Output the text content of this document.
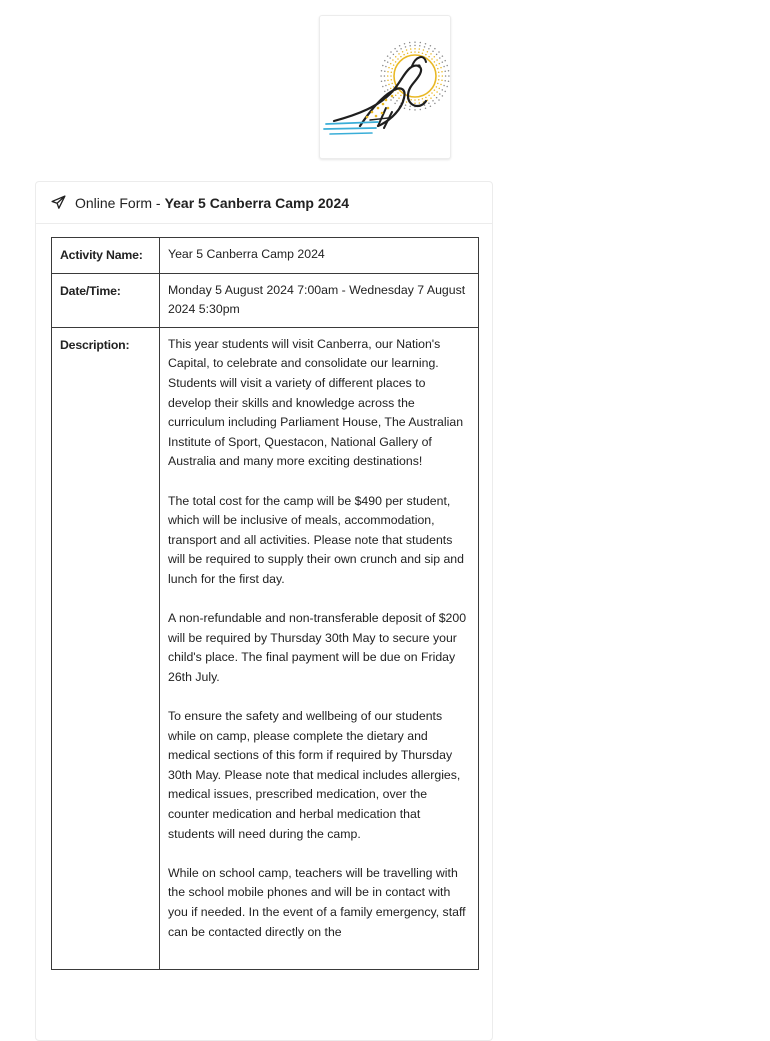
Online Form - Year 5 Canberra Camp 2024
Activity Name:	Year 5 Canberra Camp 2024
Date/Time:	Monday 5 August 2024 7:00am - Wednesday 7 August 2024 5:30pm
Description:	This year students will visit Canberra, our Nation's Capital, to celebrate and consolidate our learning. Students will visit a variety of different places to develop their skills and knowledge across the curriculum including Parliament House, The Australian Institute of Sport, Questacon, National Gallery of Australia and many more exciting destinations!

The total cost for the camp will be $490 per student, which will be inclusive of meals, accommodation, transport and all activities. Please note that students will be required to supply their own crunch and sip and lunch for the first day.

A non-refundable and non-transferable deposit of $200 will be required by Thursday 30th May to secure your child's place. The final payment will be due on Friday 26th July.

To ensure the safety and wellbeing of our students while on camp, please complete the dietary and medical sections of this form if required by Thursday 30th May. Please note that medical includes allergies, medical issues, prescribed medication, over the counter medication and herbal medication that students will need during the camp.

While on school camp, teachers will be travelling with the school mobile phones and will be in contact with you if needed. In the event of a family emergency, staff can be contacted directly on the
